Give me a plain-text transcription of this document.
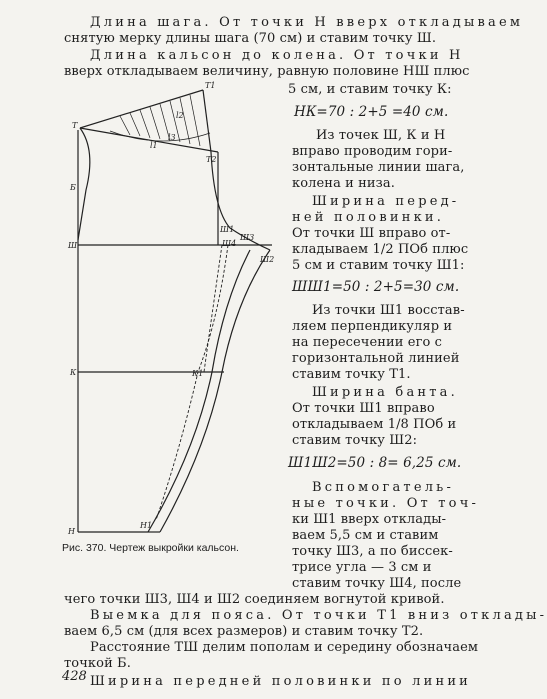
Длина шага. От точки Н вверх откладываем
снятую мерку длины шага (70 см) и ставим точку Ш.
Длина кальсон до колена. От точки Н
вверх откладываем величину, равную половине НШ плюс
5 см, и ставим точку К:
НК=70 : 2+5 =40 см.
Из точек Ш, К и Н
вправо проводим гори-
зонтальные линии шага,
колена и низа.
Ширина перед-
ней половинки.
От точки Ш вправо от-
кладываем 1/2 ПОб плюс
5 см и ставим точку Ш1:
ШШ1=50 : 2+5=30 см.
Из точки Ш1 восстав-
ляем перпендикуляр и
на пересечении его с
горизонтальной линией
ставим точку Т1.
Ширина банта.
От точки Ш1 вправо
откладываем 1/8 ПОб и
ставим точку Ш2:
Ш1Ш2=50 : 8= 6,25 см.
Вспомогатель-
ные точки. От точ-
ки Ш1 вверх отклады-
ваем 5,5 см и ставим
точку Ш3, а по биссек-
трисе угла — 3 см и
ставим точку Ш4, после
Рис. 370. Чертеж выкройки кальсон.
чего точки Ш3, Ш4 и Ш2 соединяем вогнутой кривой.
Выемка для пояса. От точки Т1 вниз отклады-
ваем 6,5 см (для всех размеров) и ставим точку Т2.
Расстояние ТШ делим пополам и середину обозначаем
точкой Б.
Ширина передней половинки по линии
428
Т
Т1
Т2
Б
Ш
Ш1
Ш2
Ш3
Ш4
К	К1
Н
Н1
l1
l2
l3
